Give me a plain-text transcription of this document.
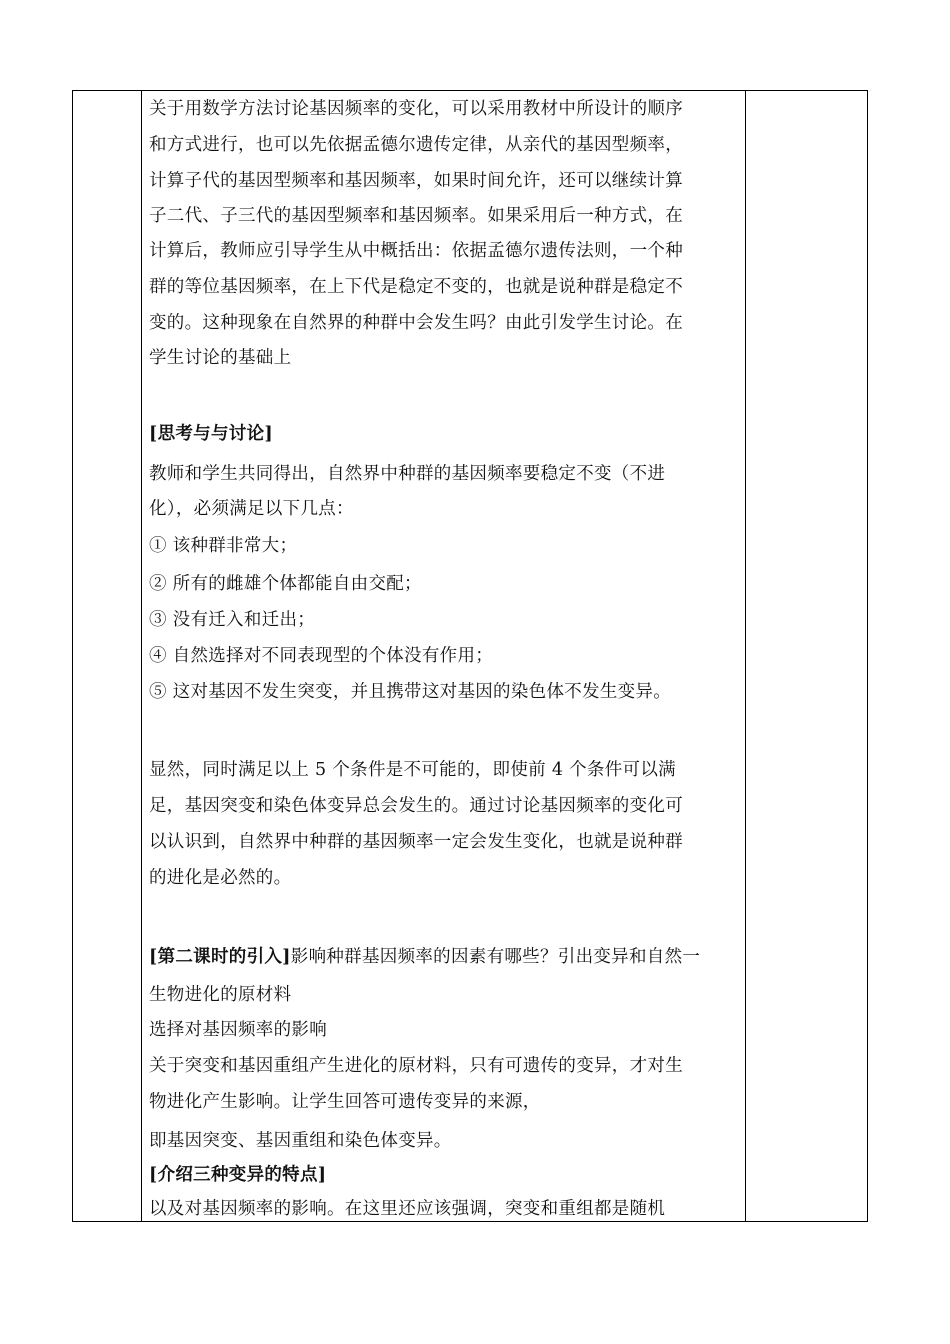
关于用数学方法讨论基因频率的变化，可以采用教材中所设计的顺序
和方式进行，也可以先依据孟德尔遗传定律，从亲代的基因型频率，
计算子代的基因型频率和基因频率，如果时间允许，还可以继续计算
子二代、子三代的基因型频率和基因频率。如果采用后一种方式，在
计算后，教师应引导学生从中概括出：依据孟德尔遗传法则，一个种
群的等位基因频率，在上下代是稳定不变的，也就是说种群是稳定不
变的。这种现象在自然界的种群中会发生吗？由此引发学生讨论。在
学生讨论的基础上
[思考与与讨论]
教师和学生共同得出，自然界中种群的基因频率要稳定不变（不进
化），必须满足以下几点：
① 该种群非常大；
② 所有的雌雄个体都能自由交配；
③ 没有迁入和迁出；
④ 自然选择对不同表现型的个体没有作用；
⑤ 这对基因不发生突变，并且携带这对基因的染色体不发生变异。
显然，同时满足以上 5 个条件是不可能的，即使前 4 个条件可以满
足，基因突变和染色体变异总会发生的。通过讨论基因频率的变化可
以认识到，自然界中种群的基因频率一定会发生变化，也就是说种群
的进化是必然的。
[第二课时的引入]影响种群基因频率的因素有哪些？引出变异和自然一
生物进化的原材料
选择对基因频率的影响
关于突变和基因重组产生进化的原材料，只有可遗传的变异，才对生
物进化产生影响。让学生回答可遗传变异的来源，
即基因突变、基因重组和染色体变异。
[介绍三种变异的特点]
以及对基因频率的影响。在这里还应该强调，突变和重组都是随机
